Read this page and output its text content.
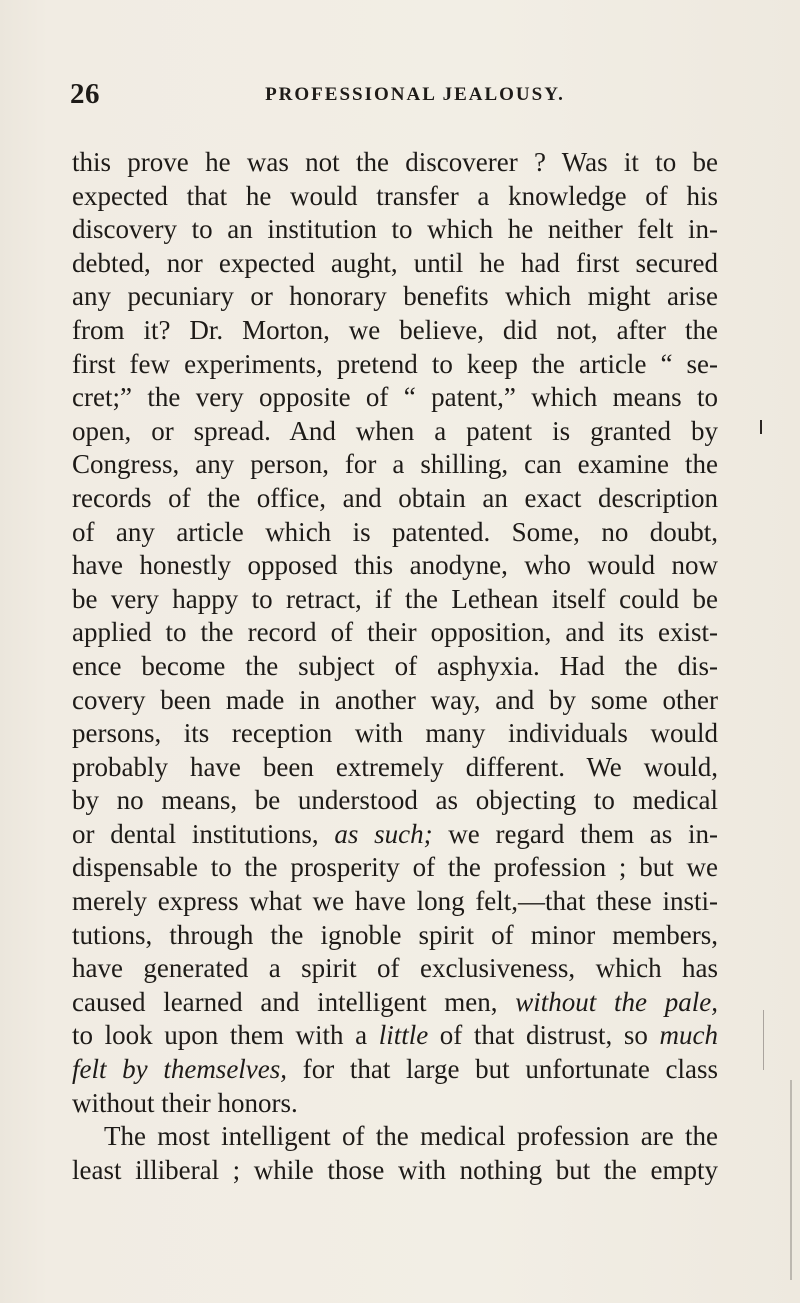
26	PROFESSIONAL JEALOUSY.
this prove he was not the discoverer ? Was it to be
expected that he would transfer a knowledge of his
discovery to an institution to which he neither felt in-
debted, nor expected aught, until he had first secured
any pecuniary or honorary benefits which might arise
from it? Dr. Morton, we believe, did not, after the
first few experiments, pretend to keep the article “ se-
cret;” the very opposite of “ patent,” which means to
open, or spread. And when a patent is granted by
Congress, any person, for a shilling, can examine the
records of the office, and obtain an exact description
of any article which is patented. Some, no doubt,
have honestly opposed this anodyne, who would now
be very happy to retract, if the Lethean itself could be
applied to the record of their opposition, and its exist-
ence become the subject of asphyxia. Had the dis-
covery been made in another way, and by some other
persons, its reception with many individuals would
probably have been extremely different. We would,
by no means, be understood as objecting to medical
or dental institutions, as such; we regard them as in-
dispensable to the prosperity of the profession ; but we
merely express what we have long felt,—that these insti-
tutions, through the ignoble spirit of minor members,
have generated a spirit of exclusiveness, which has
caused learned and intelligent men, without the pale,
to look upon them with a little of that distrust, so much
felt by themselves, for that large but unfortunate class
without their honors.
The most intelligent of the medical profession are the
least illiberal ; while those with nothing but the empty
